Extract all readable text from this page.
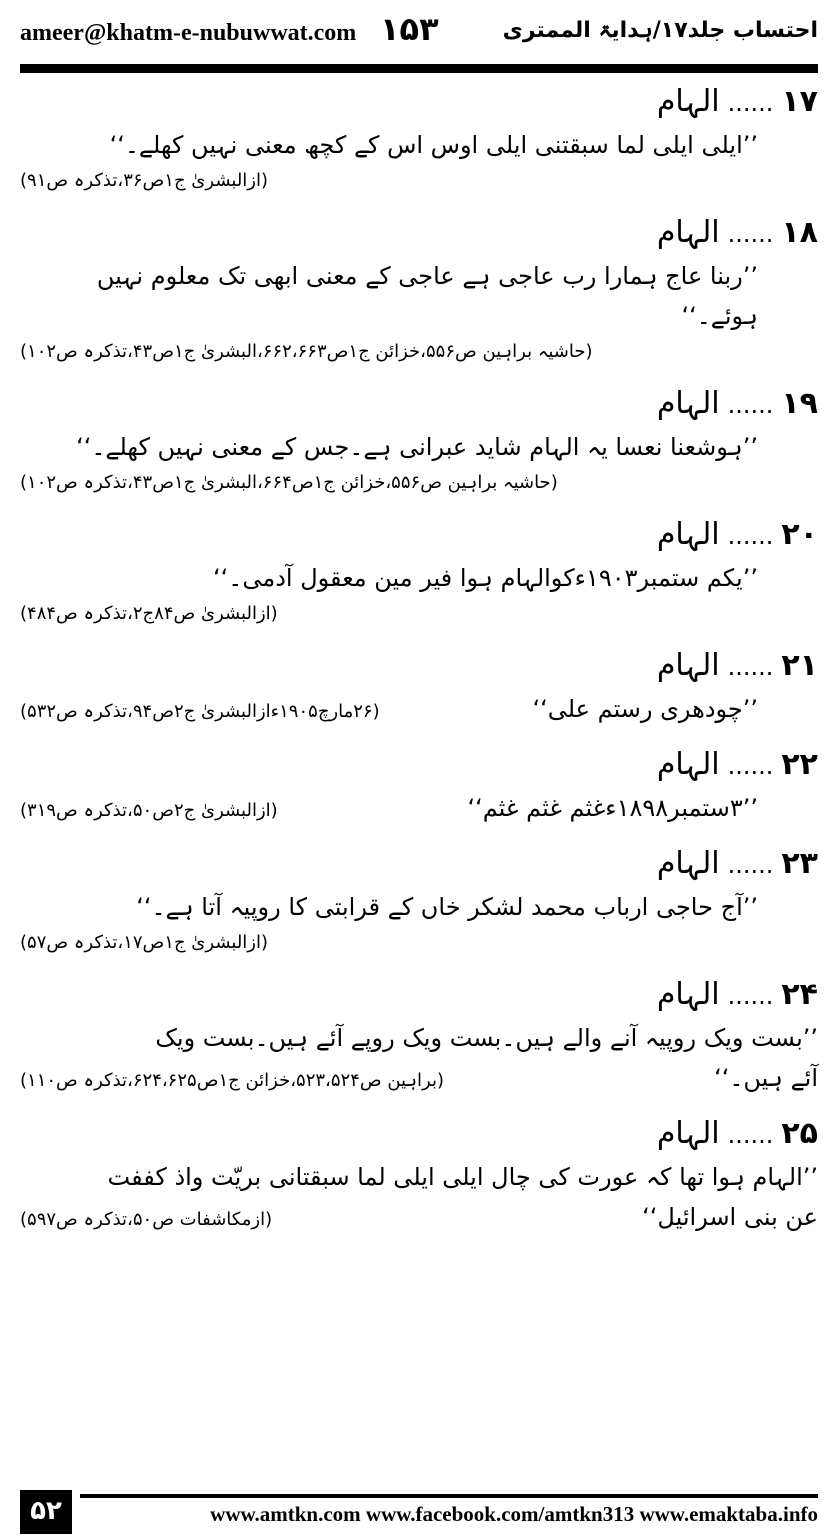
ameer@khatm-e-nubuwwat.com ۱۵۳	احتساب جلد۱۷/ہدایۃ الممتری
۱۷
......
الہام
’’ایلی ایلی لما سبقتنی ایلی اوس اس کے کچھ معنی نہیں کھلے۔‘‘
(ازالبشریٰ ج۱ص۳۶،تذکرہ ص۹۱)
۱۸
......
الہام
’’ربنا عاج ہمارا رب عاجی ہے عاجی کے معنی ابھی تک معلوم نہیں ہوئے۔‘‘
(حاشیہ براہین ص۵۵۶،خزائن ج۱ص۶۶۲،۶۶۳،البشریٰ ج۱ص۴۳،تذکرہ ص۱۰۲)
۱۹
......
الہام
’’ہوشعنا نعسا یہ الہام شاید عبرانی ہے۔جس کے معنی نہیں کھلے۔‘‘
(حاشیہ براہین ص۵۵۶،خزائن ج۱ص۶۶۴،البشریٰ ج۱ص۴۳،تذکرہ ص۱۰۲)
۲۰
......
الہام
’’یکم ستمبر۱۹۰۳ءکوالہام ہوا فیر مین معقول آدمی۔‘‘
(ازالبشریٰ ص۸۴ج۲،تذکرہ ص۴۸۴)
۲۱
......
الہام
’’چودھری رستم علی‘‘
(۲۶مارچ۱۹۰۵ءازالبشریٰ ج۲ص۹۴،تذکرہ ص۵۳۲)
۲۲
......
الہام
’’۳ستمبر۱۸۹۸ءغثم غثم غثم‘‘
(ازالبشریٰ ج۲ص۵۰،تذکرہ ص۳۱۹)
۲۳
......
الہام
’’آج حاجی ارباب محمد لشکر خاں کے قرابتی کا روپیہ آتا ہے۔‘‘
(ازالبشریٰ ج۱ص۱۷،تذکرہ ص۵۷)
۲۴
......
الہام
’’بست ویک روپیہ آنے والے ہیں۔بست ویک روپے آئے ہیں۔بست ویک
آئے ہیں۔‘‘
(براہین ص۵۲۳،۵۲۴،خزائن ج۱ص۶۲۴،۶۲۵،تذکرہ ص۱۱۰)
۲۵
......
الہام
’’الہام ہوا تھا کہ عورت کی چال ایلی ایلی لما سبقتانی بریّت واذ کففت
عن بنی اسرائیل‘‘
(ازمکاشفات ص۵۰،تذکرہ ص۵۹۷)
۵۲	www.amtkn.com www.facebook.com/amtkn313 www.emaktaba.info
